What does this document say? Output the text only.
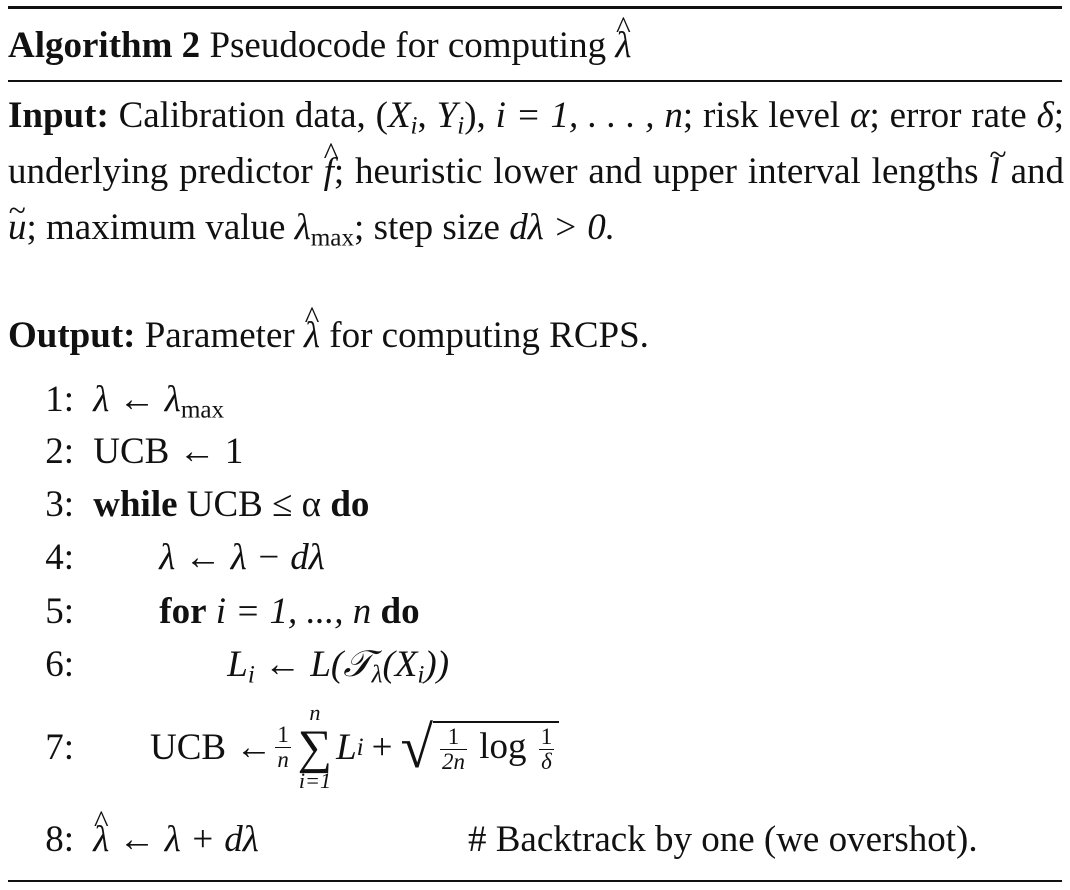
Algorithm 2 Pseudocode for computing ^ λ
Input: Calibration data, ($X_i$, $Y_i$), i = 1, . . . , n; risk level α; error rate δ; underlying predictor ^ f; heuristic lower and upper interval lengths ~ l and ~ u; maximum value $\lambda_{max}$; step size dλ > 0.
Output: Parameter ^ λ for computing RCPS.
1: λ ← $\lambda_{max}$
2: UCB ← 1
3: while UCB ≤ α do
4: λ ← λ − dλ
5: for i = 1, ..., n do
6:	$L_i$ ← $L(𝒯_\lambda(X_i))$
7: UCB ← $\frac{1}{n}$
n
∑
i=1
L i + √ $\frac{1}{2n}$ $\log \frac{1}{\delta}$
8: ^ λ ← λ + dλ	# Backtrack by one (we overshot).
